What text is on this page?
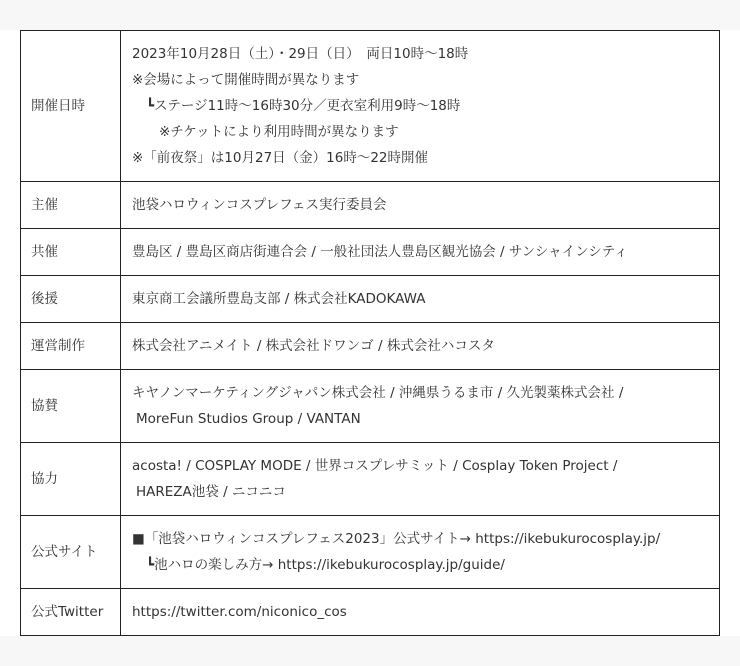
開催日時	2023年10月28日（土）・29日（日）　両日10時〜18時
※会場によって開催時間が異なります
┗ステージ11時〜16時30分／更衣室利用9時〜18時
※チケットにより利用時間が異なります
※「前夜祭」は10月27日（金）16時〜22時開催

主催	池袋ハロウィンコスプレフェス実行委員会
共催	豊島区 / 豊島区商店街連合会 / 一般社団法人豊島区観光協会 / サンシャインシティ
後援	東京商工会議所豊島支部 / 株式会社KADOKAWA
運営制作	株式会社アニメイト / 株式会社ドワンゴ / 株式会社ハコスタ
協賛	キヤノンマーケティングジャパン株式会社 / 沖縄県うるま市 / 久光製薬株式会社 /
MoreFun Studios Group / VANTAN

協力	acosta! / COSPLAY MODE / 世界コスプレサミット / Cosplay Token Project /
HAREZA池袋 / ニコニコ

公式サイト	■「池袋ハロウィンコスプレフェス2023」公式サイト→ https://ikebukurocosplay.jp/
┗池ハロの楽しみ方→ https://ikebukurocosplay.jp/guide/

公式Twitter	https://twitter.com/niconico_cos
